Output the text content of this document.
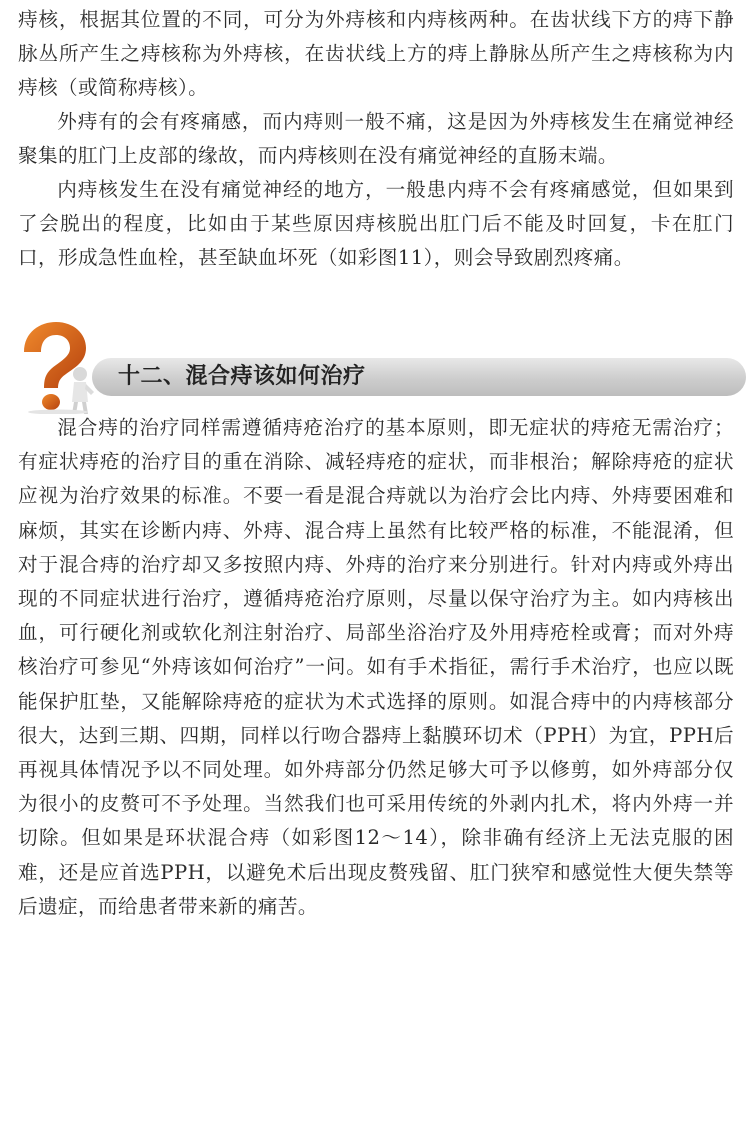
痔核，根据其位置的不同，可分为外痔核和内痔核两种。在齿状线下方的痔下静脉丛所产生之痔核称为外痔核，在齿状线上方的痔上静脉丛所产生之痔核称为内痔核（或简称痔核）。

外痔有的会有疼痛感，而内痔则一般不痛，这是因为外痔核发生在痛觉神经聚集的肛门上皮部的缘故，而内痔核则在没有痛觉神经的直肠末端。

内痔核发生在没有痛觉神经的地方，一般患内痔不会有疼痛感觉，但如果到了会脱出的程度，比如由于某些原因痔核脱出肛门后不能及时回复，卡在肛门口，形成急性血栓，甚至缺血坏死（如彩图11），则会导致剧烈疼痛。

十二、混合痔该如何治疗

混合痔的治疗同样需遵循痔疮治疗的基本原则，即无症状的痔疮无需治疗；有症状痔疮的治疗目的重在消除、减轻痔疮的症状，而非根治；解除痔疮的症状应视为治疗效果的标准。不要一看是混合痔就以为治疗会比内痔、外痔要困难和麻烦，其实在诊断内痔、外痔、混合痔上虽然有比较严格的标准，不能混淆，但对于混合痔的治疗却又多按照内痔、外痔的治疗来分别进行。针对内痔或外痔出现的不同症状进行治疗，遵循痔疮治疗原则，尽量以保守治疗为主。如内痔核出血，可行硬化剂或软化剂注射治疗、局部坐浴治疗及外用痔疮栓或膏；而对外痔核治疗可参见“外痔该如何治疗”一问。如有手术指征，需行手术治疗，也应以既能保护肛垫，又能解除痔疮的症状为术式选择的原则。如混合痔中的内痔核部分很大，达到三期、四期，同样以行吻合器痔上黏膜环切术（PPH）为宜，PPH后再视具体情况予以不同处理。如外痔部分仍然足够大可予以修剪，如外痔部分仅为很小的皮赘可不予处理。当然我们也可采用传统的外剥内扎术，将内外痔一并切除。但如果是环状混合痔（如彩图12～14），除非确有经济上无法克服的困难，还是应首选PPH，以避免术后出现皮赘残留、肛门狭窄和感觉性大便失禁等后遗症，而给患者带来新的痛苦。
